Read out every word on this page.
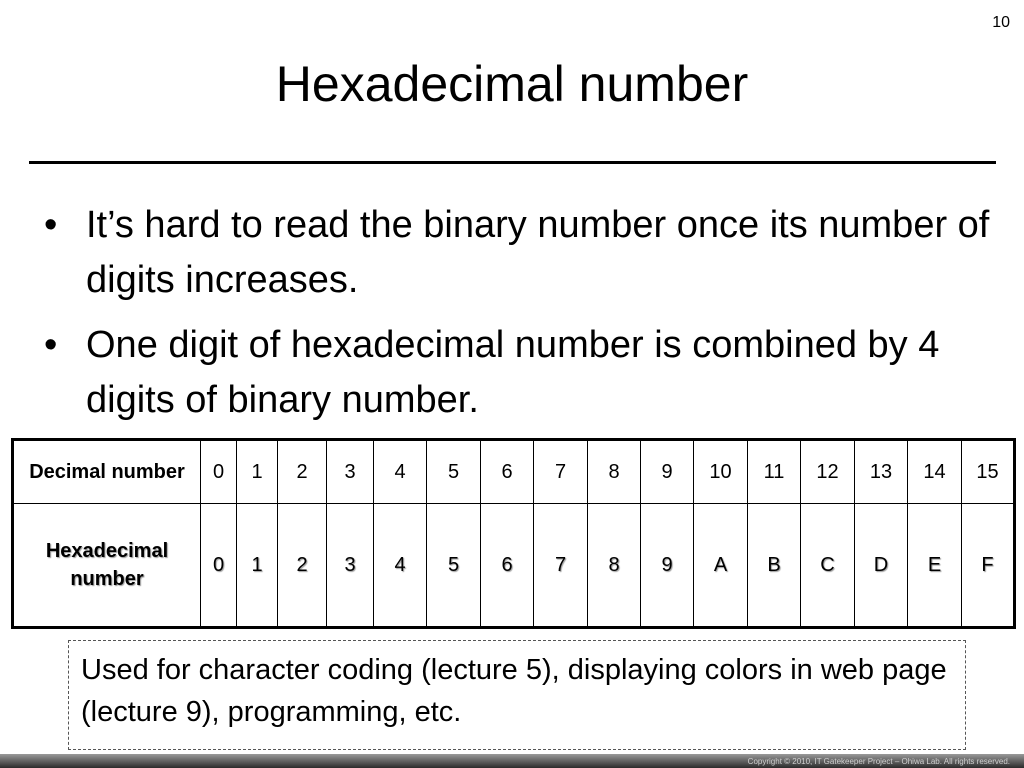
10
Hexadecimal number
• It’s hard to read the binary number once its number of digits increases.
• One digit of hexadecimal number is combined by 4 digits of binary number.
Decimal number	0	1	2	3	4	5	6	7	8	9	10	11	12	13	14	15
Hexadecimal number	0	1	2	3	4	5	6	7	8	9	A	B	C	D	E	F
Used for character coding (lecture 5), displaying colors in web page (lecture 9), programming, etc.
Copyright © 2010, IT Gatekeeper Project – Ohiwa Lab. All rights reserved.
